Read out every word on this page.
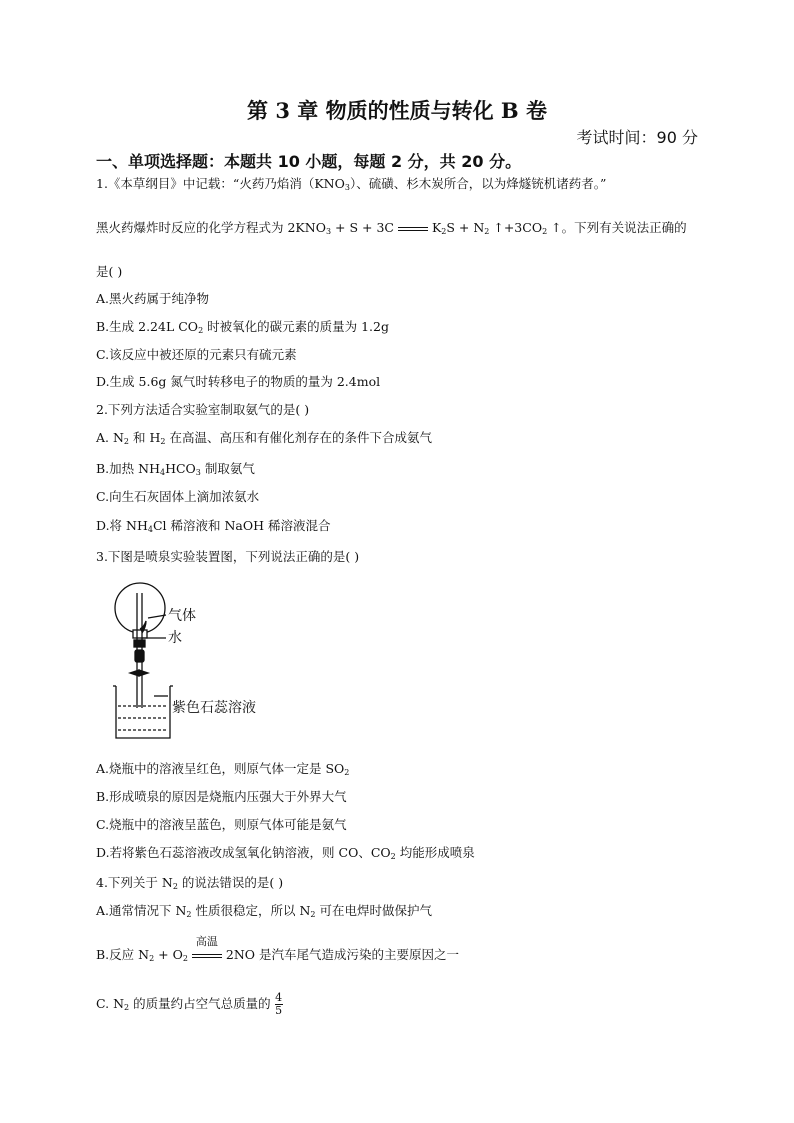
第 3 章 物质的性质与转化 B 卷
考试时间：90 分
一、单项选择题：本题共 10 小题，每题 2 分，共 20 分。
1.《本草纲目》中记载：“火药乃焰消$(KNO_3)$、硫磺、杉木炭所合，以为烽燧铳机诸药者。”
黑火药爆炸时反应的化学方程式为 $2KNO_3 + S + 3C$	$K_2S + N_2$ $↑+3CO_2$ ↑。下列有关说法正确的
是( )
A.黑火药属于纯净物
B.生成 2.24L $CO_2$ 时被氧化的碳元素的质量为 1.2g
C.该反应中被还原的元素只有硫元素
D.生成 5.6g 氮气时转移电子的物质的量为 2.4mol
2.下列方法适合实验室制取氨气的是( )
A. $N_2$ 和 $H_2$ 在高温、高压和有催化剂存在的条件下合成氨气
B.加热 $NH_4HCO_3$ 制取氨气
C.向生石灰固体上滴加浓氨水
D.将 $NH_4Cl$ 稀溶液和 NaOH 稀溶液混合
3.下图是喷泉实验装置图，下列说法正确的是( )
气体
水
紫色石蕊溶液
A.烧瓶中的溶液呈红色，则原气体一定是 $SO_2$
B.形成喷泉的原因是烧瓶内压强大于外界大气
C.烧瓶中的溶液呈蓝色，则原气体可能是氨气
D.若将紫色石蕊溶液改成氢氧化钠溶液，则 CO、$CO_2$ 均能形成喷泉
4.下列关于 $N_2$ 的说法错误的是( )
A.通常情况下 $N_2$ 性质很稳定，所以 $N_2$ 可在电焊时做保护气
B.反应 $N_2 + O_2$
高温
2NO 是汽车尾气造成污染的主要原因之一
C. $N_2$ 的质量约占空气总质量的 $\frac{4}{5}$
